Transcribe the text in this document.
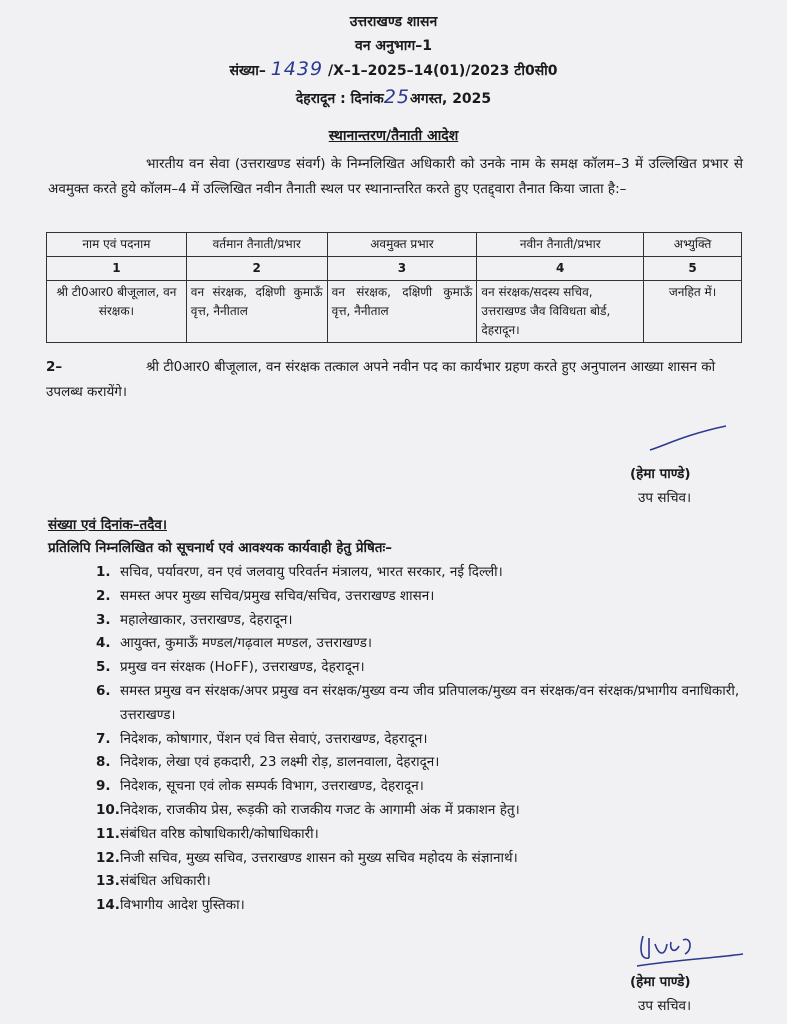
उत्तराखण्ड शासन
वन अनुभाग–1
संख्या– 1439 /X–1–2025–14(01)/2023 टी0सी0
देहरादून : दिनांक25अगस्त, 2025
स्थानान्तरण/तैनाती आदेश
भारतीय वन सेवा (उत्तराखण्ड संवर्ग) के निम्नलिखित अधिकारी को उनके नाम के समक्ष कॉलम–3 में उल्लिखित प्रभार से अवमुक्त करते हुये कॉलम–4 में उल्लिखित नवीन तैनाती स्थल पर स्थानान्तरित करते हुए एतद्द्वारा तैनात किया जाता है:–
नाम एवं पदनाम	वर्तमान तैनाती/प्रभार	अवमुक्त प्रभार	नवीन तैनाती/प्रभार	अभ्युक्ति
1	2	3	4	5
श्री टी0आर0 बीजूलाल, वन संरक्षक।	वन संरक्षक, दक्षिणी कुमाऊँ वृत्त, नैनीताल	वन संरक्षक, दक्षिणी कुमाऊँ वृत्त, नैनीताल	वन संरक्षक/सदस्य सचिव, उत्तराखण्ड जैव विविधता बोर्ड, देहरादून।	जनहित में।
2–	श्री टी0आर0 बीजूलाल, वन संरक्षक तत्काल अपने नवीन पद का कार्यभार ग्रहण करते हुए अनुपालन आख्या शासन को उपलब्ध करायेंगे।
(हेमा पाण्डे)
उप सचिव।
संख्या एवं दिनांक–तदैव।
प्रतिलिपि निम्नलिखित को सूचनार्थ एवं आवश्यक कार्यवाही हेतु प्रेषितः–
1. सचिव, पर्यावरण, वन एवं जलवायु परिवर्तन मंत्रालय, भारत सरकार, नई दिल्ली।
2. समस्त अपर मुख्य सचिव/प्रमुख सचिव/सचिव, उत्तराखण्ड शासन।
3. महालेखाकार, उत्तराखण्ड, देहरादून।
4. आयुक्त, कुमाऊँ मण्डल/गढ़वाल मण्डल, उत्तराखण्ड।
5. प्रमुख वन संरक्षक (HoFF), उत्तराखण्ड, देहरादून।
6. समस्त प्रमुख वन संरक्षक/अपर प्रमुख वन संरक्षक/मुख्य वन्य जीव प्रतिपालक/मुख्य वन संरक्षक/वन संरक्षक/प्रभागीय वनाधिकारी, उत्तराखण्ड।
7. निदेशक, कोषागार, पेंशन एवं वित्त सेवाएं, उत्तराखण्ड, देहरादून।
8. निदेशक, लेखा एवं हकदारी, 23 लक्ष्मी रोड़, डालनवाला, देहरादून।
9. निदेशक, सूचना एवं लोक सम्पर्क विभाग, उत्तराखण्ड, देहरादून।
10. निदेशक, राजकीय प्रेस, रूड़की को राजकीय गजट के आगामी अंक में प्रकाशन हेतु।
11. संबंधित वरिष्ठ कोषाधिकारी/कोषाधिकारी।
12. निजी सचिव, मुख्य सचिव, उत्तराखण्ड शासन को मुख्य सचिव महोदय के संज्ञानार्थ।
13. संबंधित अधिकारी।
14. विभागीय आदेश पुस्तिका।
(हेमा पाण्डे)
उप सचिव।
